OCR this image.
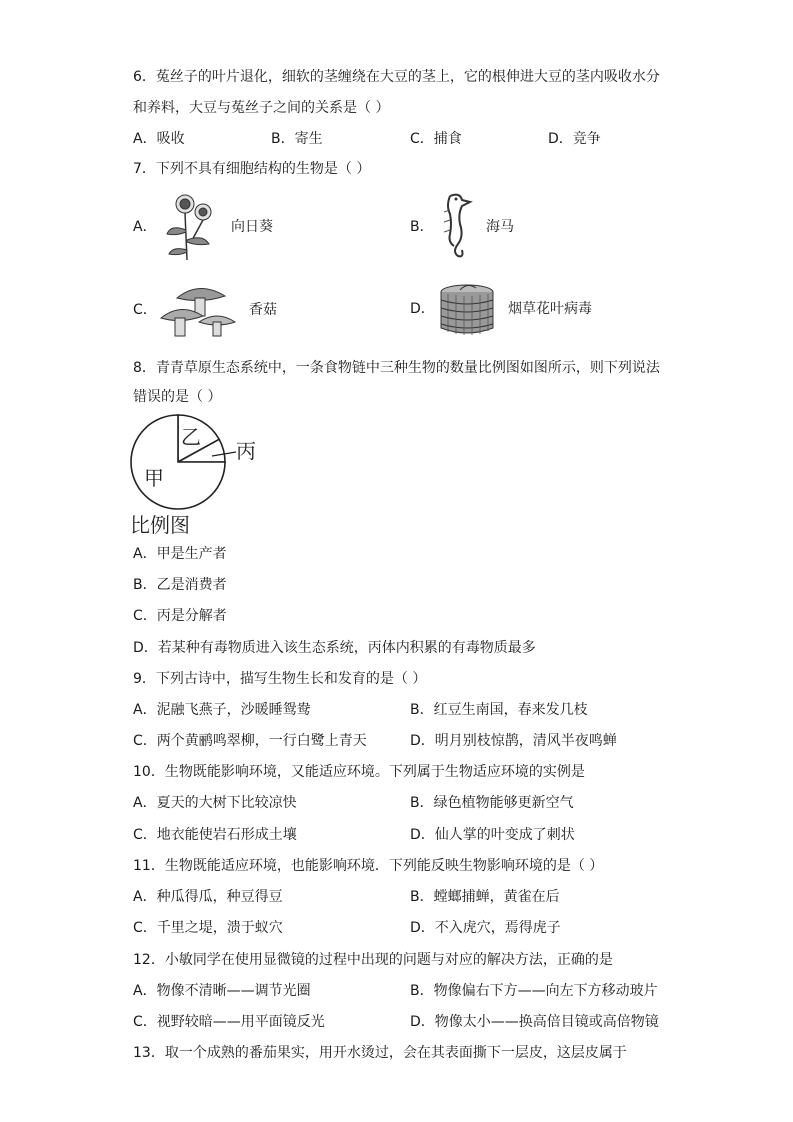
6．菟丝子的叶片退化，细软的茎缠绕在大豆的茎上，它的根伸进大豆的茎内吸收水分
和养料，大豆与菟丝子之间的关系是（ ）
A．吸收	B．寄生	C．捕食	D．竞争
7．下列不具有细胞结构的生物是（ ）
A．	向日葵	B．	海马
C．	香菇	D．	烟草花叶病毒
8．青青草原生态系统中，一条食物链中三种生物的数量比例图如图所示，则下列说法
错误的是（ ）
甲
乙
丙
比例图
A．甲是生产者
B．乙是消费者
C．丙是分解者
D．若某种有毒物质进入该生态系统，丙体内积累的有毒物质最多
9．下列古诗中，描写生物生长和发育的是（ ）
A．泥融飞燕子，沙暖睡鸳鸯	B．红豆生南国，春来发几枝
C．两个黄鹂鸣翠柳，一行白鹭上青天	D．明月别枝惊鹊，清风半夜鸣蝉
10．生物既能影响环境，又能适应环境。下列属于生物适应环境的实例是
A．夏天的大树下比较凉快	B．绿色植物能够更新空气
C．地衣能使岩石形成土壤	D．仙人掌的叶变成了刺状
11．生物既能适应环境，也能影响环境．下列能反映生物影响环境的是（ ）
A．种瓜得瓜，种豆得豆	B．螳螂捕蝉，黄雀在后
C．千里之堤，溃于蚁穴	D．不入虎穴，焉得虎子
12．小敏同学在使用显微镜的过程中出现的问题与对应的解决方法，正确的是
A．物像不清晰——调节光圈	B．物像偏右下方——向左下方移动玻片
C．视野较暗——用平面镜反光	D．物像太小——换高倍目镜或高倍物镜
13．取一个成熟的番茄果实，用开水烫过，会在其表面撕下一层皮，这层皮属于
